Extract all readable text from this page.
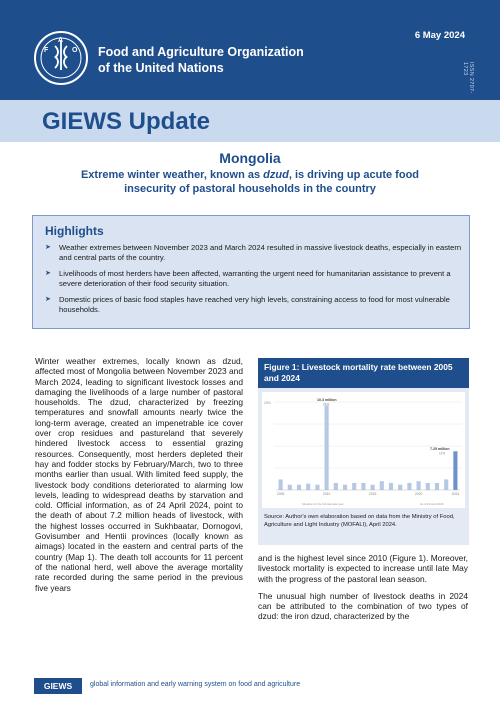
F
A
O Food and Agriculture Organization
of the United Nations
6 May 2024
ISSN 2707-1723
GIEWS Update
Mongolia
Extreme winter weather, known as dzud, is driving up acute food insecurity of pastoral households in the country
Highlights
➤ Weather extremes between November 2023 and March 2024 resulted in massive livestock deaths, especially in eastern and central parts of the country.
➤ Livelihoods of most herders have been affected, warranting the urgent need for humanitarian assistance to prevent a severe deterioration of their food security situation.
➤ Domestic prices of basic food staples have reached very high levels, constraining access to food for most vulnerable households.

Winter weather extremes, locally known as dzud, affected most of Mongolia between November 2023 and March 2024, leading to significant livestock losses and damaging the livelihoods of a large number of pastoral households. The dzud, characterized by freezing temperatures and snowfall amounts nearly twice the long-term average, created an impenetrable ice cover over crop residues and pastureland that severely hindered livestock access to essential grazing resources. Consequently, most herders depleted their hay and fodder stocks by February/March, two to three months earlier than usual. With limited feed supply, the livestock body conditions deteriorated to alarming low levels, leading to widespread deaths by starvation and cold. Official information, as of 24 April 2024, point to the death of about 7.2 million heads of livestock, with the highest losses occurred in Sukhbaatar, Dornogovi, Govisumber and Hentii provinces (locally known as aimags) located in the eastern and central parts of the country (Map 1). The death toll accounts for 11 percent of the national herd, well above the average mortality rate recorded during the same period in the previous five years

Figure 1: Livestock mortality rate between 2005 and 2024
25%
2005	2010	2015	2020	2024
10.3 million
24%
7.25 million
11%
Situation for the full calendar year	As of 24 April 2024
Source: Author's own elaboration based on data from the Ministry of Food, Agriculture and Light Industry (MOFALI), April 2024.

and is the highest level since 2010 (Figure 1). Moreover, livestock mortality is expected to increase until late May with the progress of the pastoral lean season.

The unusual high number of livestock deaths in 2024 can be attributed to the combination of two types of dzud: the iron dzud, characterized by the

GIEWS	global information and early warning system on food and agriculture
